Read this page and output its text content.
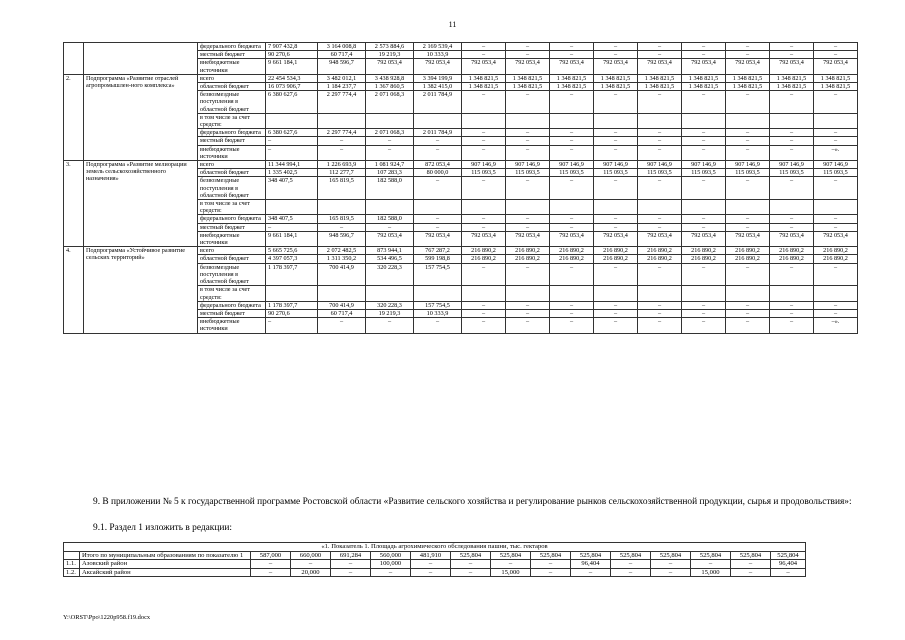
11
		федерального бюджета	7 907 432,8	3 164 008,8	2 573 884,6	2 169 539,4	–	–	–	–	–	–	–	–	–
		местный бюджет	90 270,6	60 717,4	19 219,3	10 333,9	–	–	–	–	–	–	–	–	–
		внебюджетные источники	9 661 184,1	948 596,7	792 053,4	792 053,4	792 053,4	792 053,4	792 053,4	792 053,4	792 053,4	792 053,4	792 053,4	792 053,4	792 053,4
2.	Подпрограмма «Развитие отраслей агропромышлен-ного комплекса»	всего	22 454 534,3	3 482 012,1	3 438 928,8	3 394 199,9	1 348 821,5	1 348 821,5	1 348 821,5	1 348 821,5	1 348 821,5	1 348 821,5	1 348 821,5	1 348 821,5	1 348 821,5
		областной бюджет	16 073 906,7	1 184 237,7	1 367 860,5	1 382 415,0	1 348 821,5	1 348 821,5	1 348 821,5	1 348 821,5	1 348 821,5	1 348 821,5	1 348 821,5	1 348 821,5	1 348 821,5
		безвозмездные поступления в областной бюджет	6 380 627,6	2 297 774,4	2 071 068,3	2 011 784,9	–	–	–	–	–	–	–	–	–
		в том числе за счет средств:													
		федерального бюджета	6 380 627,6	2 297 774,4	2 071 068,3	2 011 784,9	–	–	–	–	–	–	–	–	–
		местный бюджет	–	–	–	–	–	–	–	–	–	–	–	–	–
		внебюджетные источники	–	–	–	–	–	–	–	–	–	–	–	–	–».
3.	Подпрограмма «Развитие мелиорации земель сельскохозяйственного назначения»	всего	11 344 994,1	1 226 693,9	1 081 924,7	872 053,4	907 146,9	907 146,9	907 146,9	907 146,9	907 146,9	907 146,9	907 146,9	907 146,9	907 146,9
		областной бюджет	1 335 402,5	112 277,7	107 283,3	80 000,0	115 093,5	115 093,5	115 093,5	115 093,5	115 093,5	115 093,5	115 093,5	115 093,5	115 093,5
		безвозмездные поступления в областной бюджет	348 407,5	165 819,5	182 588,0	–	–	–	–	–	–	–	–	–	–
		в том числе за счет средств:													
		федерального бюджета	348 407,5	165 819,5	182 588,0	–	–	–	–	–	–	–	–	–	–
		местный бюджет	–	–	–	–	–	–	–	–	–	–	–	–	–
		внебюджетные источники	9 661 184,1	948 596,7	792 053,4	792 053,4	792 053,4	792 053,4	792 053,4	792 053,4	792 053,4	792 053,4	792 053,4	792 053,4	792 053,4
4.	Подпрограмма «Устойчивое развитие сельских территорий»	всего	5 665 725,6	2 072 482,5	873 944,1	767 287,2	216 890,2	216 890,2	216 890,2	216 890,2	216 890,2	216 890,2	216 890,2	216 890,2	216 890,2
		областной бюджет	4 397 057,3	1 311 350,2	534 496,5	599 198,8	216 890,2	216 890,2	216 890,2	216 890,2	216 890,2	216 890,2	216 890,2	216 890,2	216 890,2
		безвозмездные поступления в областной бюджет	1 178 397,7	700 414,9	320 228,3	157 754,5	–	–	–	–	–	–	–	–	–
		в том числе за счет средств:													
		федерального бюджета	1 178 397,7	700 414,9	320 228,3	157 754,5	–	–	–	–	–	–	–	–	–
		местный бюджет	90 270,6	60 717,4	19 219,3	10 333,9	–	–	–	–	–	–	–	–	–
		внебюджетные источники	–	–	–	–	–	–	–	–	–	–	–	–	–».

9. В приложении № 5 к государственной программе Ростовской области «Развитие сельского хозяйства и регулирование рынков сельскохозяйственной продукции, сырья и продовольствия»:

9.1. Раздел 1 изложить в редакции:

«1. Показатель 1. Площадь агрохимического обследования пашни, тыс. гектаров															
	Итого по муниципальным образованиям по показателю 1	587,000	660,000	691,284	560,000	481,910	525,804	525,804	525,804	525,804	525,804	525,804	525,804	525,804	525,804
1.1.	Азовский район	–	–	–	100,000	–	–	–	–	96,404	–	–	–	–	96,404
1.2.	Аксайский район	–	20,000	–	–	–	–	15,000	–	–	–	–	15,000	–	–
Y:\ORST\Ppo\1220p958.f19.docx
